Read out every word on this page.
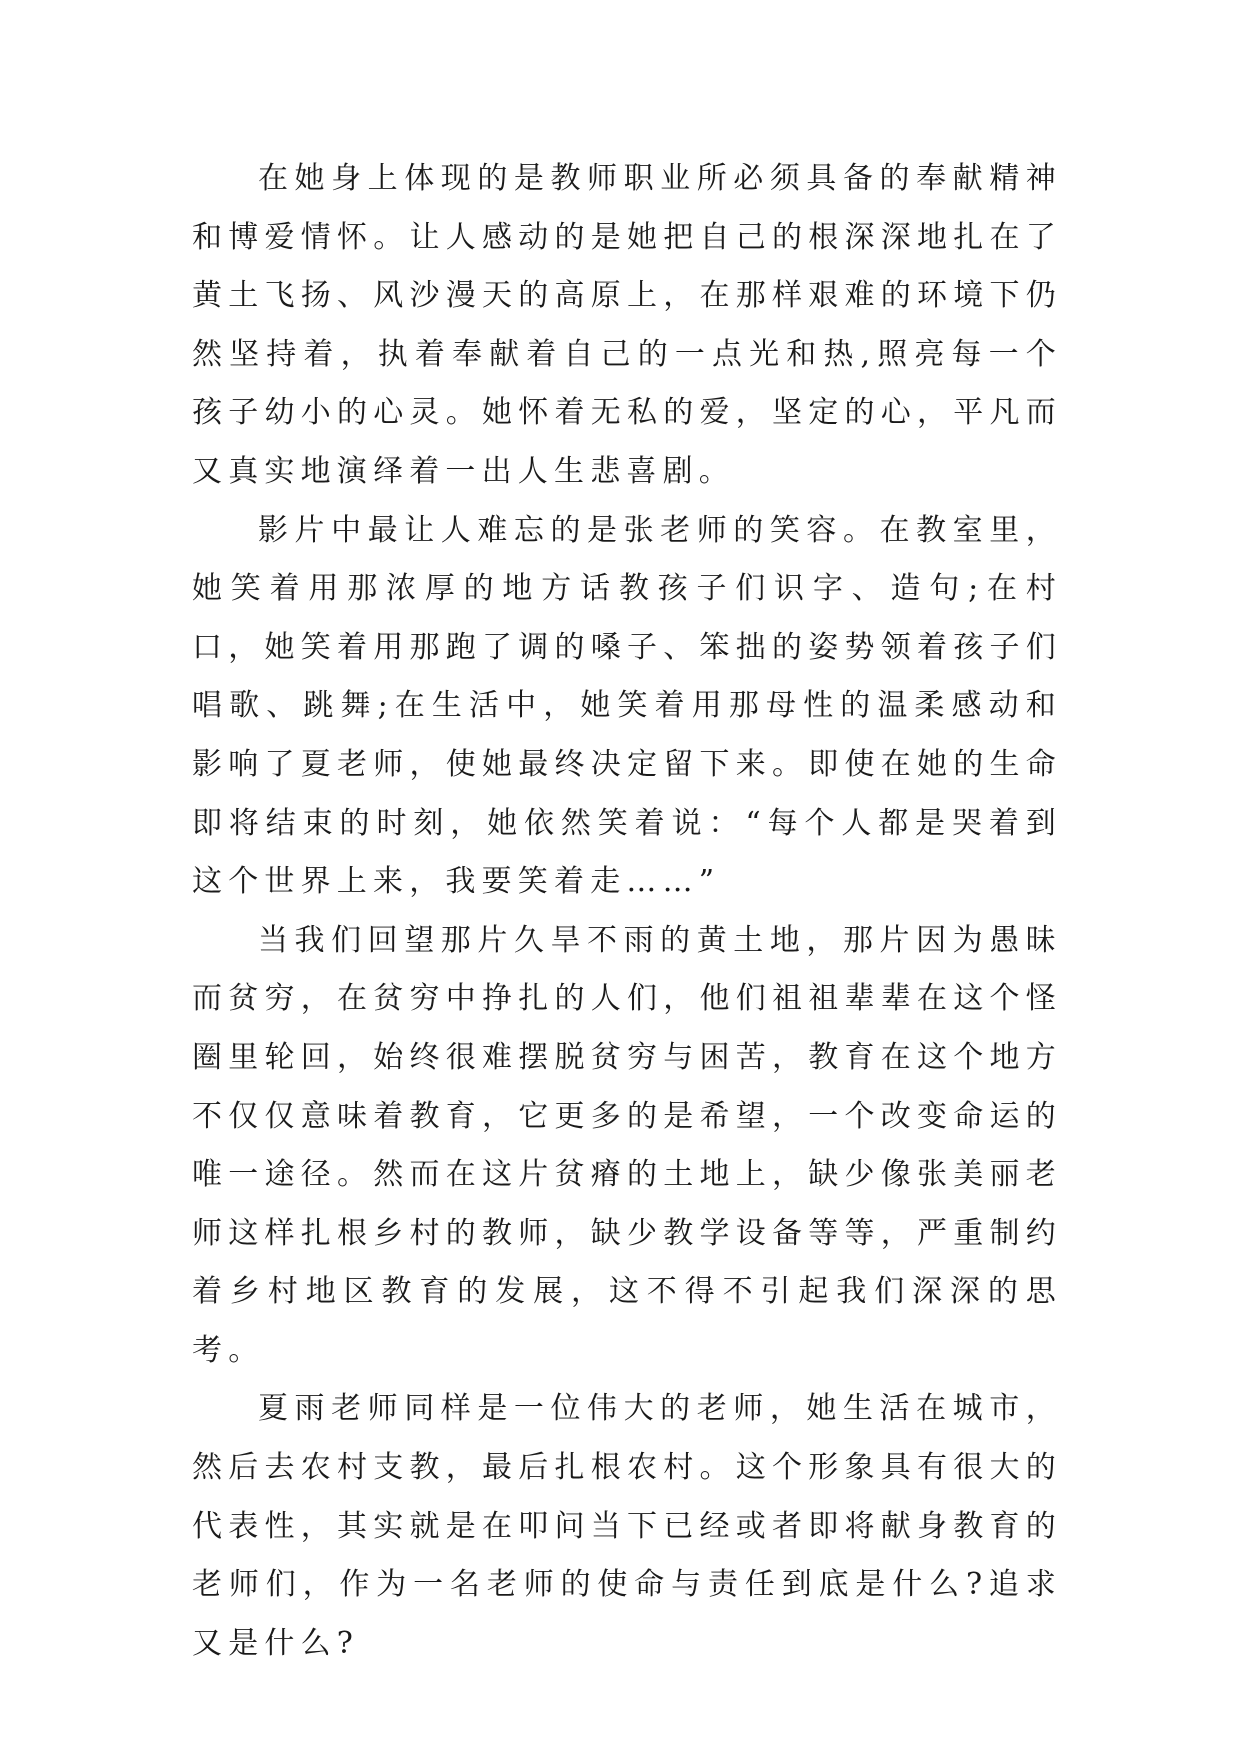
在她身上体现的是教师职业所必须具备的奉献精神和博爱情怀。让人感动的是她把自己的根深深地扎在了黄土飞扬、风沙漫天的高原上，在那样艰难的环境下仍然坚持着，执着奉献着自己的一点光和热,照亮每一个孩子幼小的心灵。她怀着无私的爱，坚定的心，平凡而又真实地演绎着一出人生悲喜剧。

影片中最让人难忘的是张老师的笑容。在教室里，她笑着用那浓厚的地方话教孩子们识字、造句;在村口，她笑着用那跑了调的嗓子、笨拙的姿势领着孩子们唱歌、跳舞;在生活中，她笑着用那母性的温柔感动和影响了夏老师，使她最终决定留下来。即使在她的生命即将结束的时刻，她依然笑着说：“每个人都是哭着到这个世界上来，我要笑着走……”

当我们回望那片久旱不雨的黄土地，那片因为愚昧而贫穷，在贫穷中挣扎的人们，他们祖祖辈辈在这个怪圈里轮回，始终很难摆脱贫穷与困苦，教育在这个地方不仅仅意味着教育，它更多的是希望，一个改变命运的唯一途径。然而在这片贫瘠的土地上，缺少像张美丽老师这样扎根乡村的教师，缺少教学设备等等，严重制约着乡村地区教育的发展，这不得不引起我们深深的思考。

夏雨老师同样是一位伟大的老师，她生活在城市，然后去农村支教，最后扎根农村。这个形象具有很大的代表性，其实就是在叩问当下已经或者即将献身教育的老师们，作为一名老师的使命与责任到底是什么?追求又是什么?
